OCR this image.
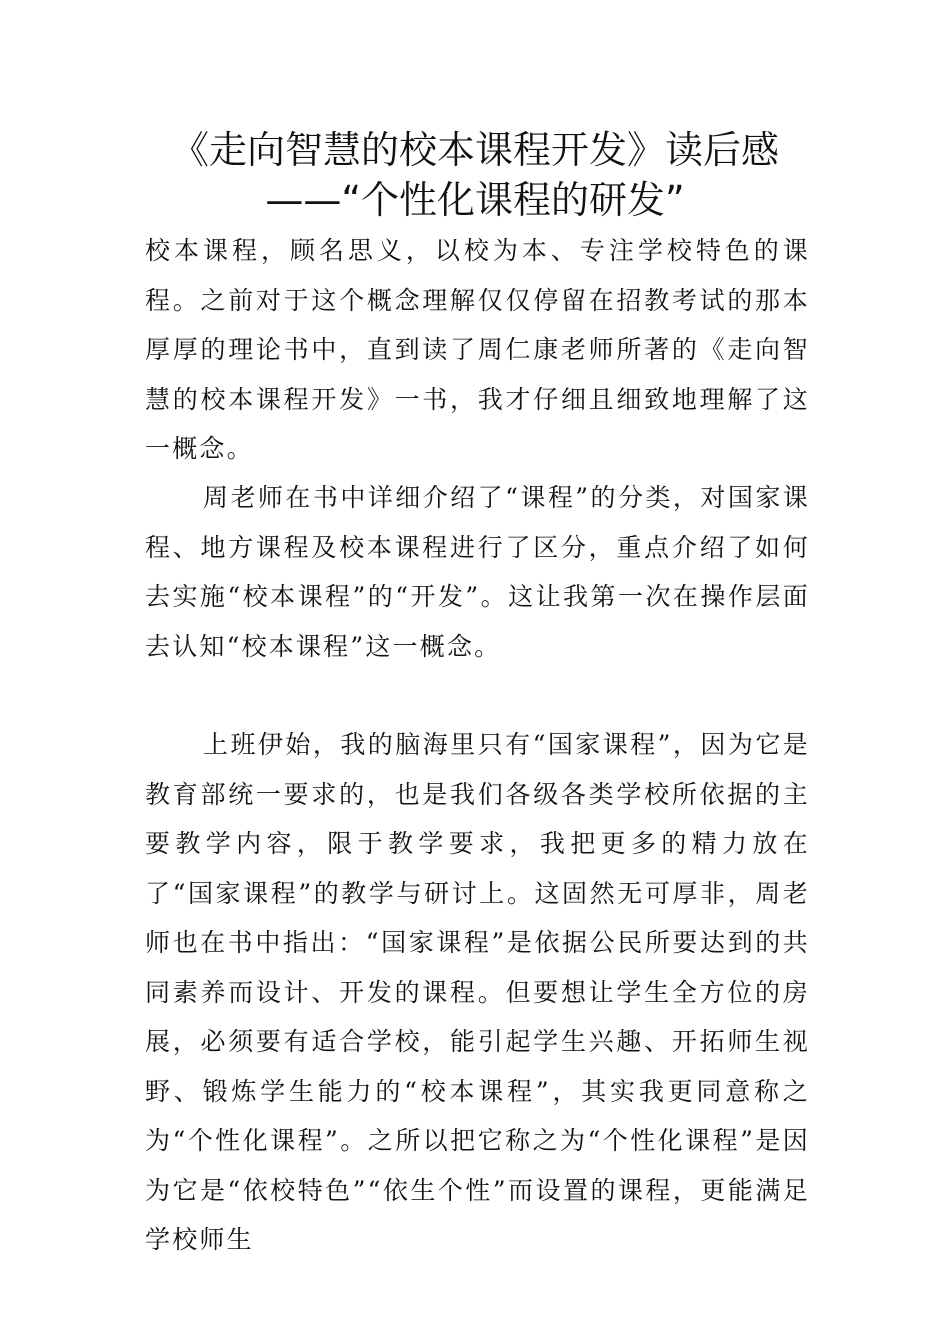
《走向智慧的校本课程开发》读后感
——“个性化课程的研发”

校本课程，顾名思义，以校为本、专注学校特色的课程。之前对于这个概念理解仅仅停留在招教考试的那本厚厚的理论书中，直到读了周仁康老师所著的《走向智慧的校本课程开发》一书，我才仔细且细致地理解了这一概念。

周老师在书中详细介绍了“课程”的分类，对国家课程、地方课程及校本课程进行了区分，重点介绍了如何去实施“校本课程”的“开发”。这让我第一次在操作层面去认知“校本课程”这一概念。

上班伊始，我的脑海里只有“国家课程”，因为它是教育部统一要求的，也是我们各级各类学校所依据的主要教学内容，限于教学要求，我把更多的精力放在了“国家课程”的教学与研讨上。这固然无可厚非，周老师也在书中指出：“国家课程”是依据公民所要达到的共同素养而设计、开发的课程。但要想让学生全方位的房展，必须要有适合学校，能引起学生兴趣、开拓师生视野、锻炼学生能力的“校本课程”，其实我更同意称之为“个性化课程”。之所以把它称之为“个性化课程”是因为它是“依校特色”“依生个性”而设置的课程，更能满足学校师生
